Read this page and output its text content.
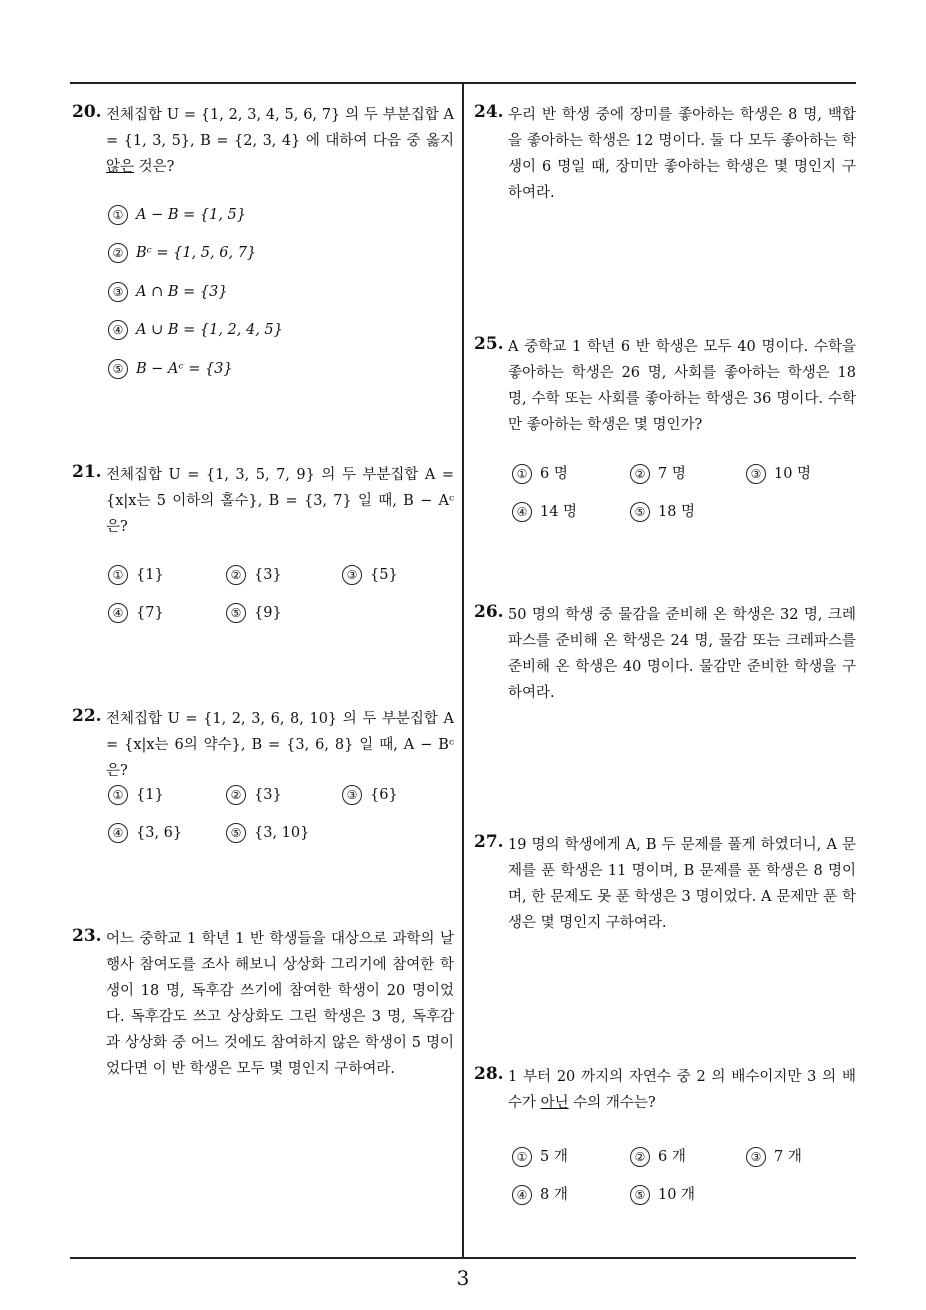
20. 전체집합 U = {1, 2, 3, 4, 5, 6, 7} 의 두 부분집합 A = {1, 3, 5}, B = {2, 3, 4} 에 대하여 다음 중 옳지 않은 것은?
① A − B = {1, 5}
② Bᶜ = {1, 5, 6, 7}
③ A ∩ B = {3}
④ A ∪ B = {1, 2, 4, 5}
⑤ B − Aᶜ = {3}
21. 전체집합 U = {1, 3, 5, 7, 9} 의 두 부분집합 A = {x|x는 5 이하의 홀수}, B = {3, 7} 일 때, B − Aᶜ 은?
① {1}	② {3}	③ {5}
④ {7}	⑤ {9}
22. 전체집합 U = {1, 2, 3, 6, 8, 10} 의 두 부분집합 A = {x|x는 6의 약수}, B = {3, 6, 8} 일 때, A − Bᶜ 은?
① {1}	② {3}	③ {6}
④ {3, 6}	⑤ {3, 10}
23. 어느 중학교 1 학년 1 반 학생들을 대상으로 과학의 날 행사 참여도를 조사 해보니 상상화 그리기에 참여한 학생이 18 명, 독후감 쓰기에 참여한 학생이 20 명이었다. 독후감도 쓰고 상상화도 그린 학생은 3 명, 독후감과 상상화 중 어느 것에도 참여하지 않은 학생이 5 명이었다면 이 반 학생은 모두 몇 명인지 구하여라.
24. 우리 반 학생 중에 장미를 좋아하는 학생은 8 명, 백합을 좋아하는 학생은 12 명이다. 둘 다 모두 좋아하는 학생이 6 명일 때, 장미만 좋아하는 학생은 몇 명인지 구하여라.
25. A 중학교 1 학년 6 반 학생은 모두 40 명이다. 수학을 좋아하는 학생은 26 명, 사회를 좋아하는 학생은 18 명, 수학 또는 사회를 좋아하는 학생은 36 명이다. 수학만 좋아하는 학생은 몇 명인가?
① 6 명	② 7 명	③ 10 명
④ 14 명	⑤ 18 명
26. 50 명의 학생 중 물감을 준비해 온 학생은 32 명, 크레파스를 준비해 온 학생은 24 명, 물감 또는 크레파스를 준비해 온 학생은 40 명이다. 물감만 준비한 학생을 구하여라.
27. 19 명의 학생에게 A, B 두 문제를 풀게 하였더니, A 문제를 푼 학생은 11 명이며, B 문제를 푼 학생은 8 명이며, 한 문제도 못 푼 학생은 3 명이었다. A 문제만 푼 학생은 몇 명인지 구하여라.
28. 1 부터 20 까지의 자연수 중 2 의 배수이지만 3 의 배수가 아닌 수의 개수는?
① 5 개	② 6 개	③ 7 개
④ 8 개	⑤ 10 개
3
